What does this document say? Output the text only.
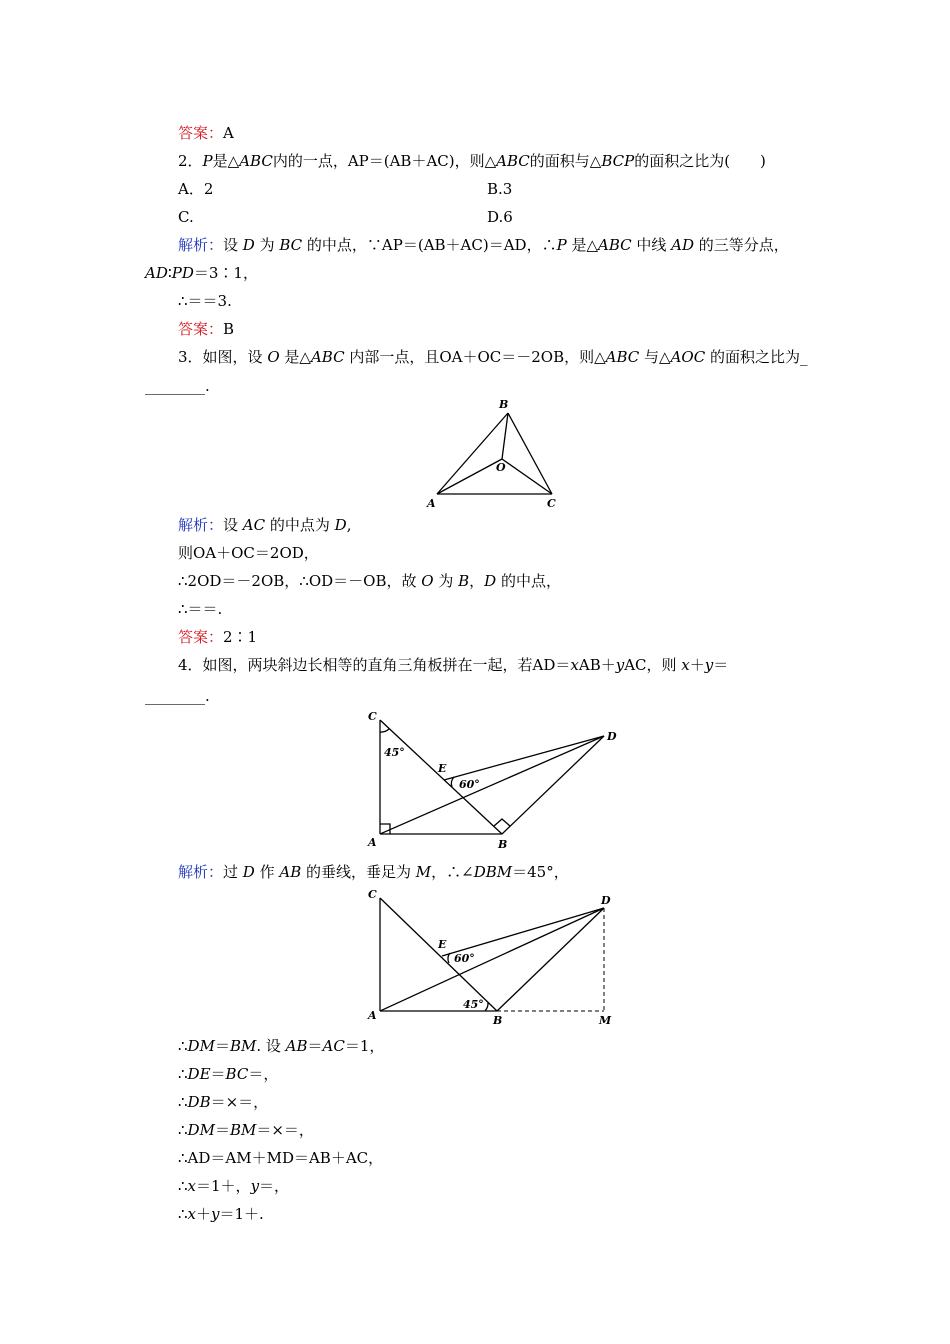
答案：A
2．P是△ABC内的一点，AP＝(AB＋AC)，则△ABC的面积与△BCP的面积之比为(　　)
A．2	B.3
C.	D.6
解析：设 D 为 BC 的中点，∵AP＝(AB＋AC)＝AD，∴P 是△ABC 中线 AD 的三等分点，
AD∶PD＝3∶1，
∴＝＝3.
答案：B
3．如图，设 O 是△ABC 内部一点，且OA＋OC＝－2OB，则△ABC 与△AOC 的面积之比为_
________.
B
O
A	C
解析：设 AC 的中点为 D,
则OA＋OC＝2OD，
∴2OD＝－2OB，∴OD＝－OB，故 O 为 B，D 的中点，
∴＝＝.
答案：2∶1
4．如图，两块斜边长相等的直角三角板拼在一起，若AD＝xAB＋yAC，则 x＋y＝
________.
C
45°
E
60°
D
A	B
解析：过 D 作 AB 的垂线，垂足为 M，∴∠DBM＝45°，
C
E
60°
D
45°
A	B	M
∴DM＝BM. 设 AB＝AC＝1，
∴DE＝BC＝，
∴DB＝×＝，
∴DM＝BM＝×＝，
∴AD＝AM＋MD＝AB＋AC，
∴x＝1＋，y＝，
∴x＋y＝1＋.
